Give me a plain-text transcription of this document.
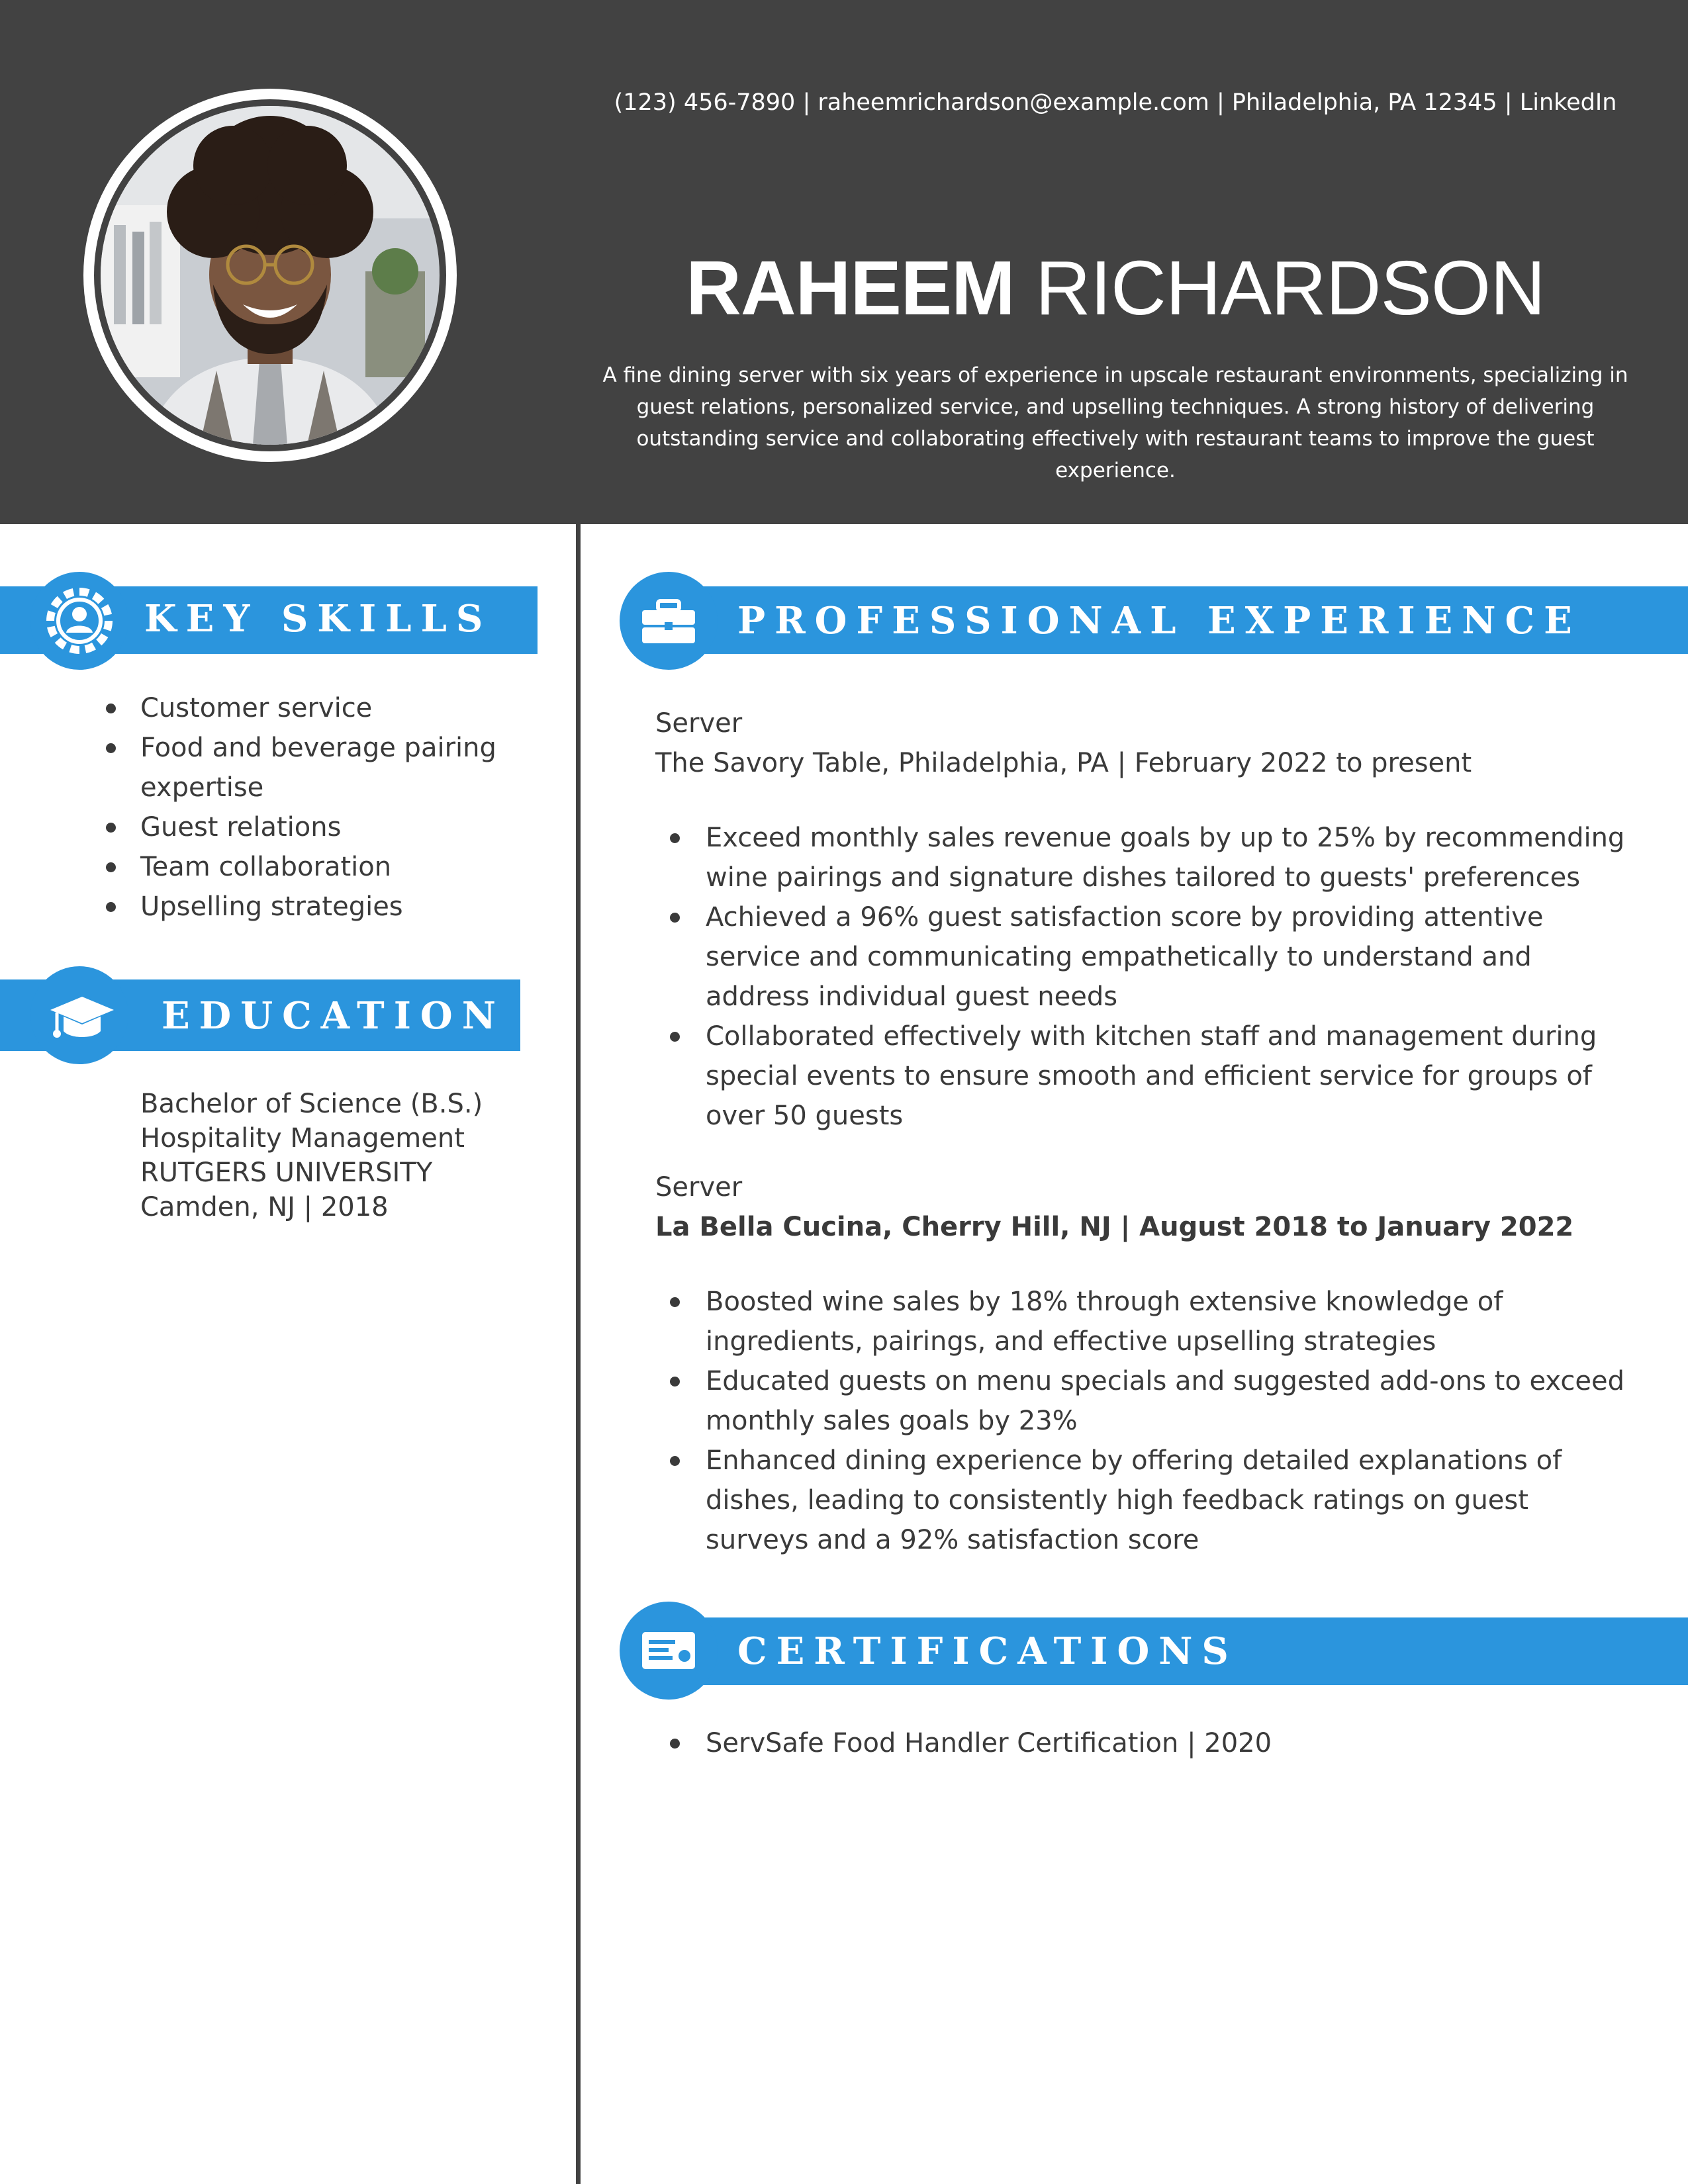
(123) 456-7890 | raheemrichardson@example.com | Philadelphia, PA 12345 | LinkedIn
RAHEEM RICHARDSON
A fine dining server with six years of experience in upscale restaurant environments, specializing in guest relations, personalized service, and upselling techniques. A strong history of delivering outstanding service and collaborating effectively with restaurant teams to improve the guest experience.
KEY SKILLS
Customer service
Food and beverage pairing expertise
Guest relations
Team collaboration
Upselling strategies
EDUCATION
Bachelor of Science (B.S.)
Hospitality Management
RUTGERS UNIVERSITY
Camden, NJ | 2018
PROFESSIONAL EXPERIENCE
Server
The Savory Table, Philadelphia, PA | February 2022 to present
Exceed monthly sales revenue goals by up to 25% by recommending wine pairings and signature dishes tailored to guests' preferences
Achieved a 96% guest satisfaction score by providing attentive service and communicating empathetically to understand and address individual guest needs
Collaborated effectively with kitchen staff and management during special events to ensure smooth and efficient service for groups of over 50 guests
Server
La Bella Cucina, Cherry Hill, NJ | August 2018 to January 2022
Boosted wine sales by 18% through extensive knowledge of ingredients, pairings, and effective upselling strategies
Educated guests on menu specials and suggested add-ons to exceed monthly sales goals by 23%
Enhanced dining experience by offering detailed explanations of dishes, leading to consistently high feedback ratings on guest surveys and a 92% satisfaction score
CERTIFICATIONS
ServSafe Food Handler Certification | 2020
